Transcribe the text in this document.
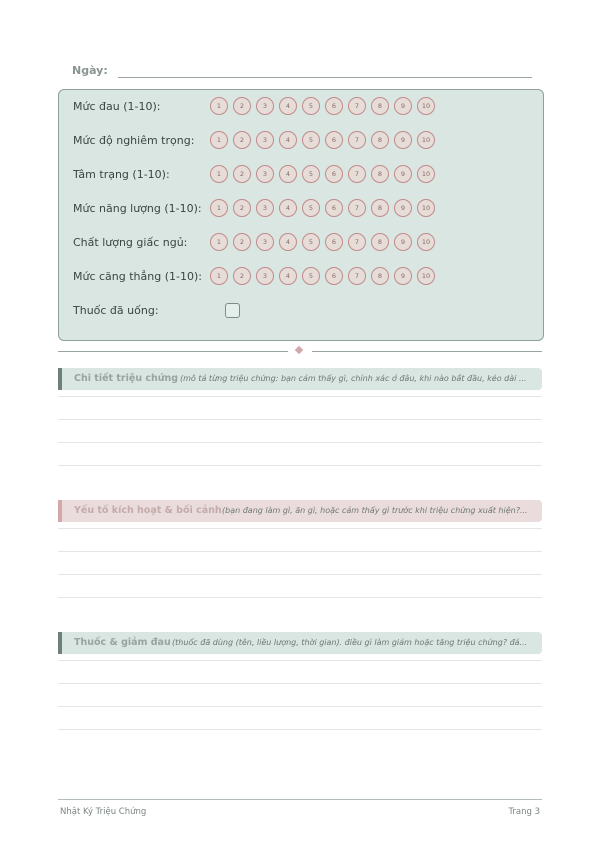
Ngày:
Mức đau (1-10):	1	2	3	4	5	6	7	8	9	10
Mức độ nghiêm trọng:	1	2	3	4	5	6	7	8	9	10
Tâm trạng (1-10):	1	2	3	4	5	6	7	8	9	10
Mức năng lượng (1-10):	1	2	3	4	5	6	7	8	9	10
Chất lượng giấc ngủ:	1	2	3	4	5	6	7	8	9	10
Mức căng thẳng (1-10):	1	2	3	4	5	6	7	8	9	10
Thuốc đã uống:
Chi tiết triệu chứng (mô tả từng triệu chứng: bạn cảm thấy gì, chính xác ở đâu, khi nào bắt đầu, kéo dài ...
Yếu tố kích hoạt & bối cảnh (bạn đang làm gì, ăn gì, hoặc cảm thấy gì trước khi triệu chứng xuất hiện?...
Thuốc & giảm đau (thuốc đã dùng (tên, liều lượng, thời gian). điều gì làm giảm hoặc tăng triệu chứng? đá...
Nhật Ký Triệu Chứng	Trang 3
